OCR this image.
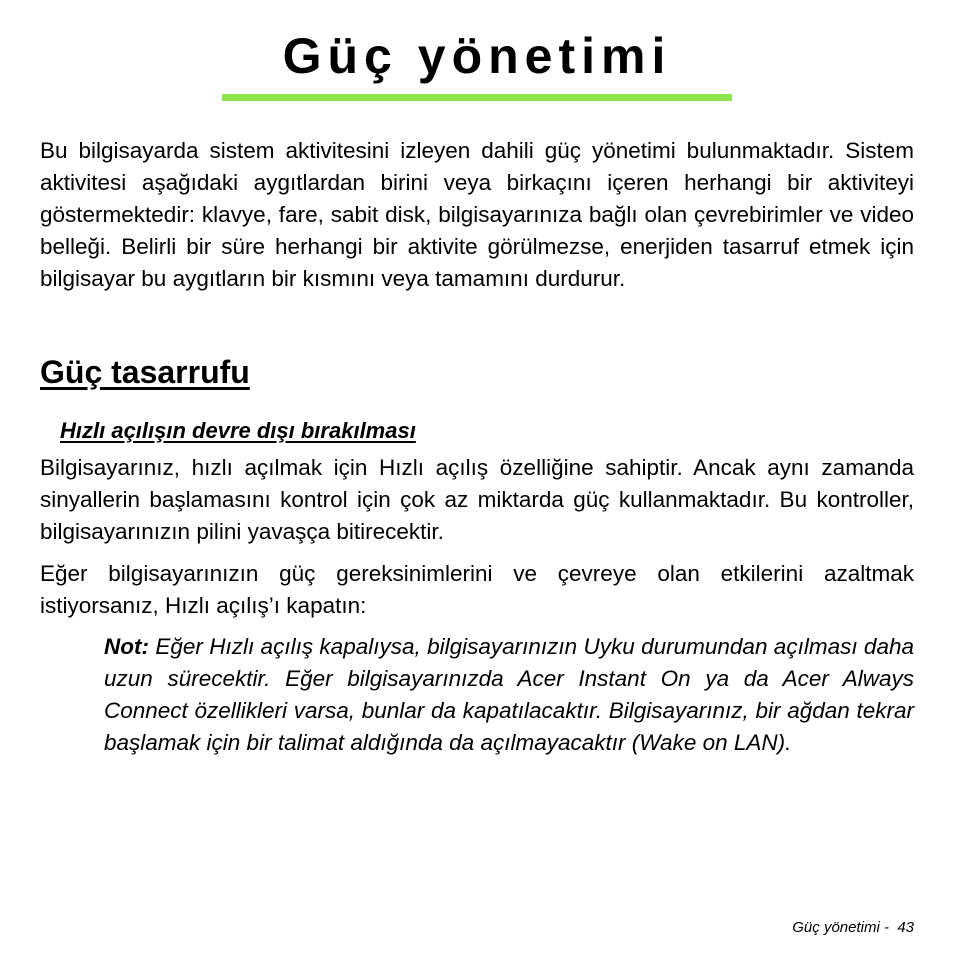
Güç yönetimi

Bu bilgisayarda sistem aktivitesini izleyen dahili güç yönetimi bulunmaktadır. Sistem aktivitesi aşağıdaki aygıtlardan birini veya birkaçını içeren herhangi bir aktiviteyi göstermektedir: klavye, fare, sabit disk, bilgisayarınıza bağlı olan çevrebirimler ve video belleği. Belirli bir süre herhangi bir aktivite görülmezse, enerjiden tasarruf etmek için bilgisayar bu aygıtların bir kısmını veya tamamını durdurur.

Güç tasarrufu
Hızlı açılışın devre dışı bırakılması

Bilgisayarınız, hızlı açılmak için Hızlı açılış özelliğine sahiptir. Ancak aynı zamanda sinyallerin başlamasını kontrol için çok az miktarda güç kullanmaktadır. Bu kontroller, bilgisayarınızın pilini yavaşça bitirecektir.

Eğer bilgisayarınızın güç gereksinimlerini ve çevreye olan etkilerini azaltmak istiyorsanız, Hızlı açılış’ı kapatın:

Not: Eğer Hızlı açılış kapalıysa, bilgisayarınızın Uyku durumundan açılması daha uzun sürecektir. Eğer bilgisayarınızda Acer Instant On ya da Acer Always Connect özellikleri varsa, bunlar da kapatılacaktır. Bilgisayarınız, bir ağdan tekrar başlamak için bir talimat aldığında da açılmayacaktır (Wake on LAN).

Güç yönetimi - 43
